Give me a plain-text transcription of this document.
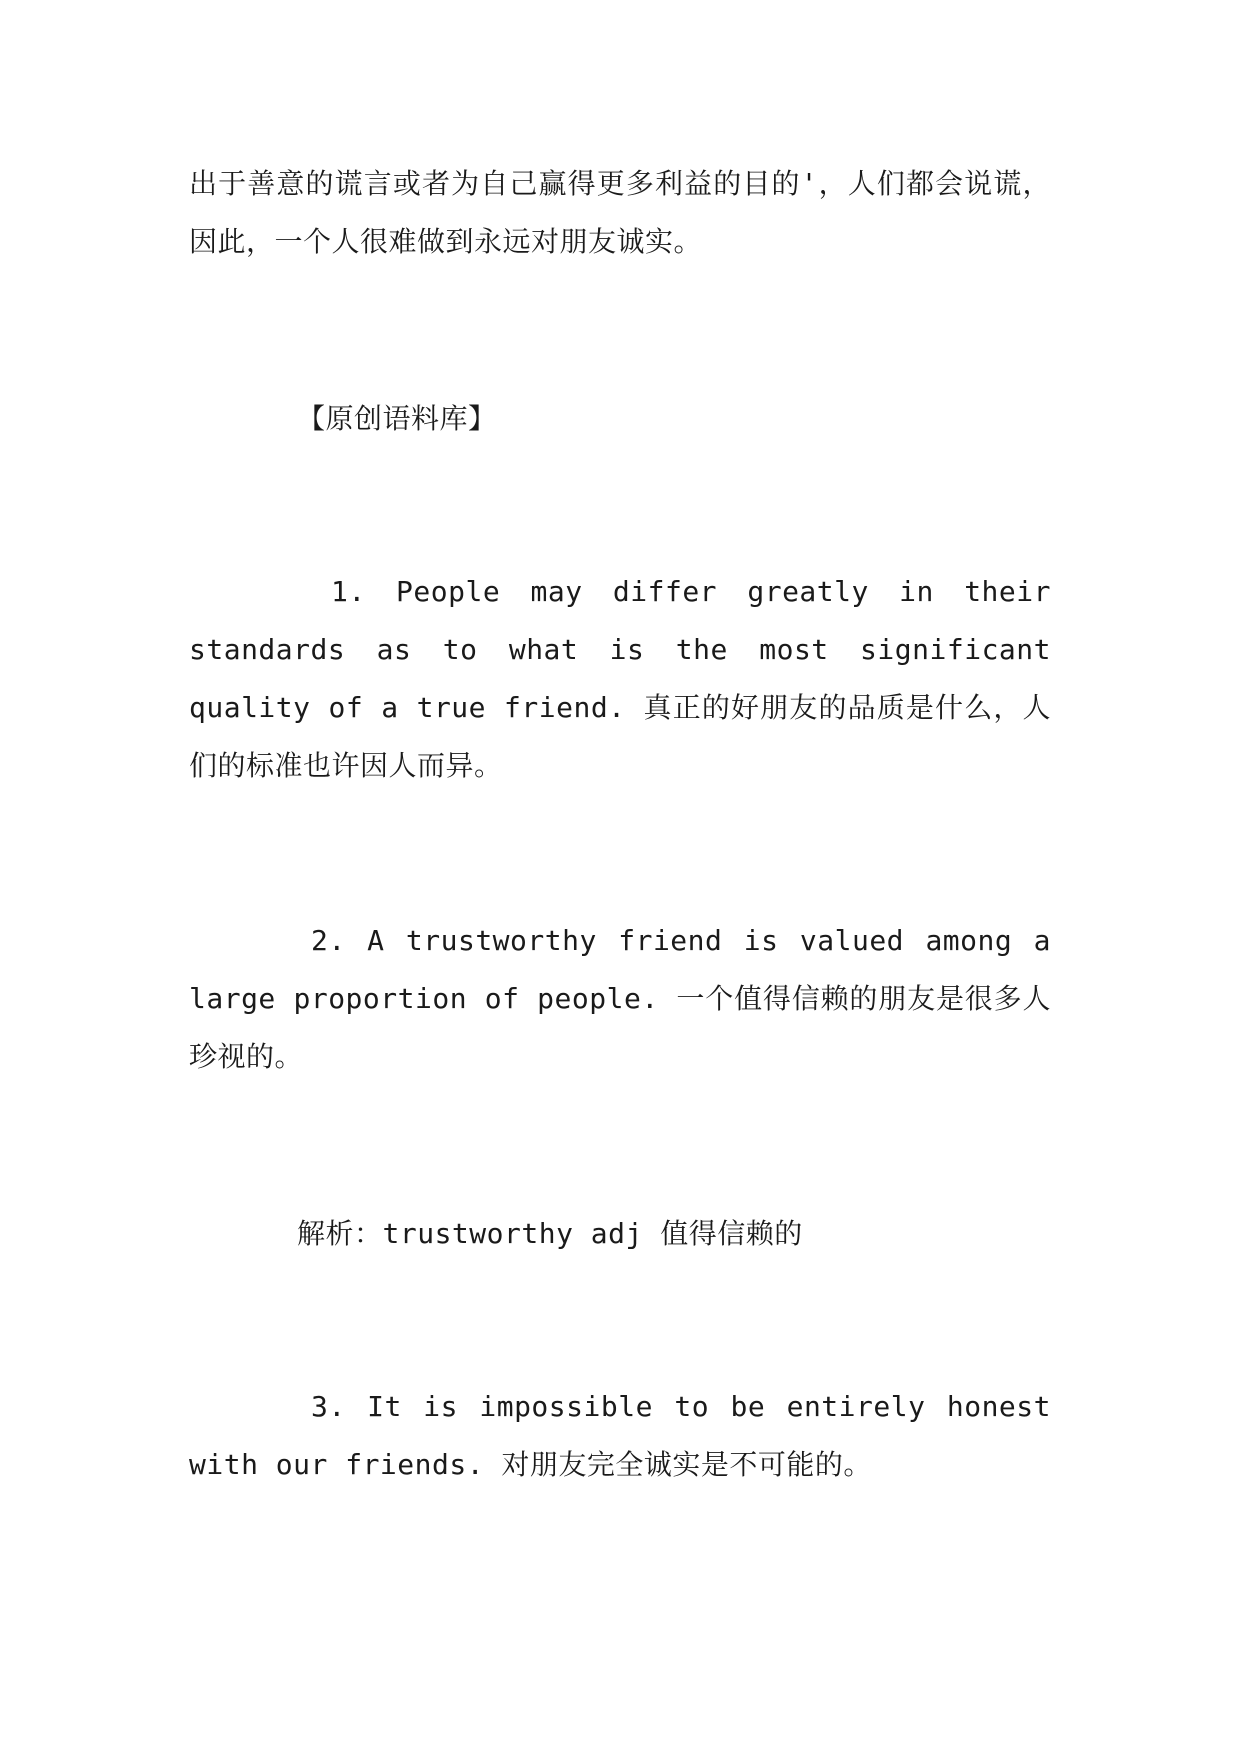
出于善意的谎言或者为自己赢得更多利益的目的'，人们都会说谎，因此，一个人很难做到永远对朋友诚实。

【原创语料库】

1. People may differ greatly in their standards as to what is the most significant quality of a true friend. 真正的好朋友的品质是什么，人们的标准也许因人而异。

2. A trustworthy friend is valued among a large proportion of people. 一个值得信赖的朋友是很多人珍视的。

解析：trustworthy adj 值得信赖的

3. It is impossible to be entirely honest with our friends. 对朋友完全诚实是不可能的。
